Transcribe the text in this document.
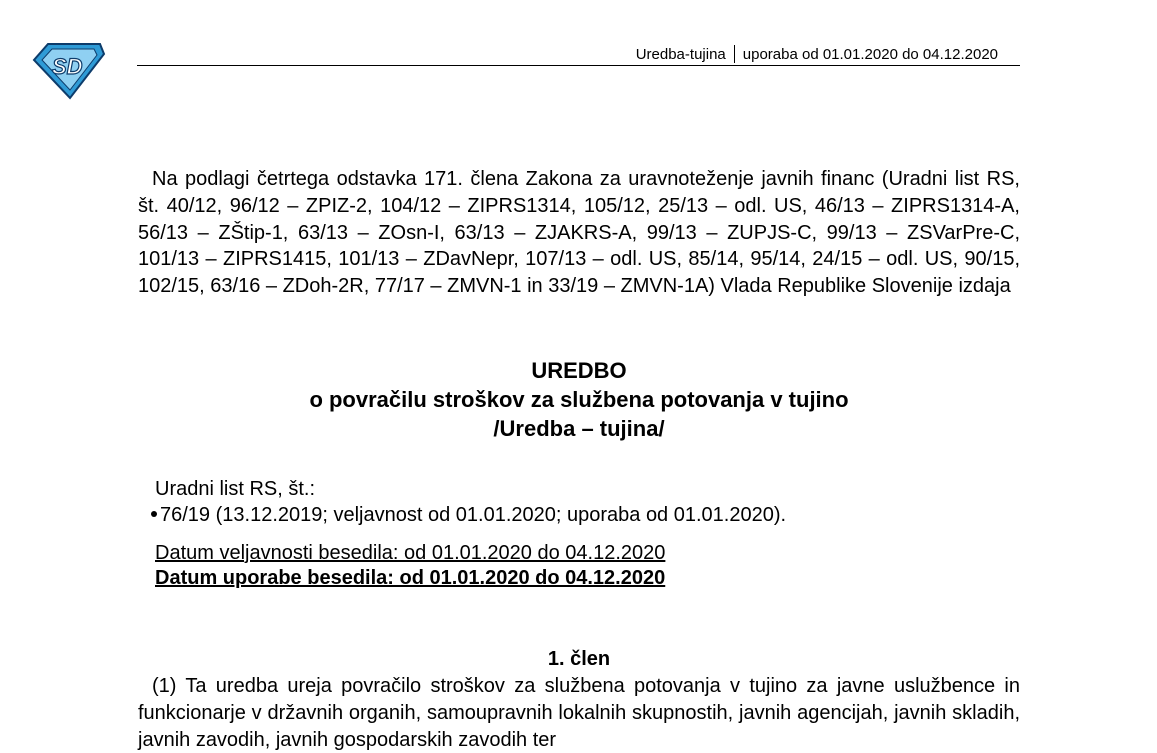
SD	Uredba-tujina uporaba od 01.01.2020 do 04.12.2020
Na podlagi četrtega odstavka 171. člena Zakona za uravnoteženje javnih financ (Uradni list RS, št. 40/12, 96/12 – ZPIZ-2, 104/12 – ZIPRS1314, 105/12, 25/13 – odl. US, 46/13 – ZIPRS1314-A, 56/13 – ZŠtip-1, 63/13 – ZOsn-I, 63/13 – ZJAKRS-A, 99/13 – ZUPJS-C, 99/13 – ZSVarPre-C, 101/13 – ZIPRS1415, 101/13 – ZDavNepr, 107/13 – odl. US, 85/14, 95/14, 24/15 – odl. US, 90/15, 102/15, 63/16 – ZDoh-2R, 77/17 – ZMVN-1 in 33/19 – ZMVN-1A) Vlada Republike Slovenije izdaja
UREDBO
o povračilu stroškov za službena potovanja v tujino
/Uredba – tujina/
Uradni list RS, št.:
76/19 (13.12.2019; veljavnost od 01.01.2020; uporaba od 01.01.2020).
Datum veljavnosti besedila: od 01.01.2020 do 04.12.2020
Datum uporabe besedila: od 01.01.2020 do 04.12.2020
1. člen
(1) Ta uredba ureja povračilo stroškov za službena potovanja v tujino za javne uslužbence in funkcionarje v državnih organih, samoupravnih lokalnih skupnostih, javnih agencijah, javnih skladih, javnih zavodih, javnih gospodarskih zavodih ter
